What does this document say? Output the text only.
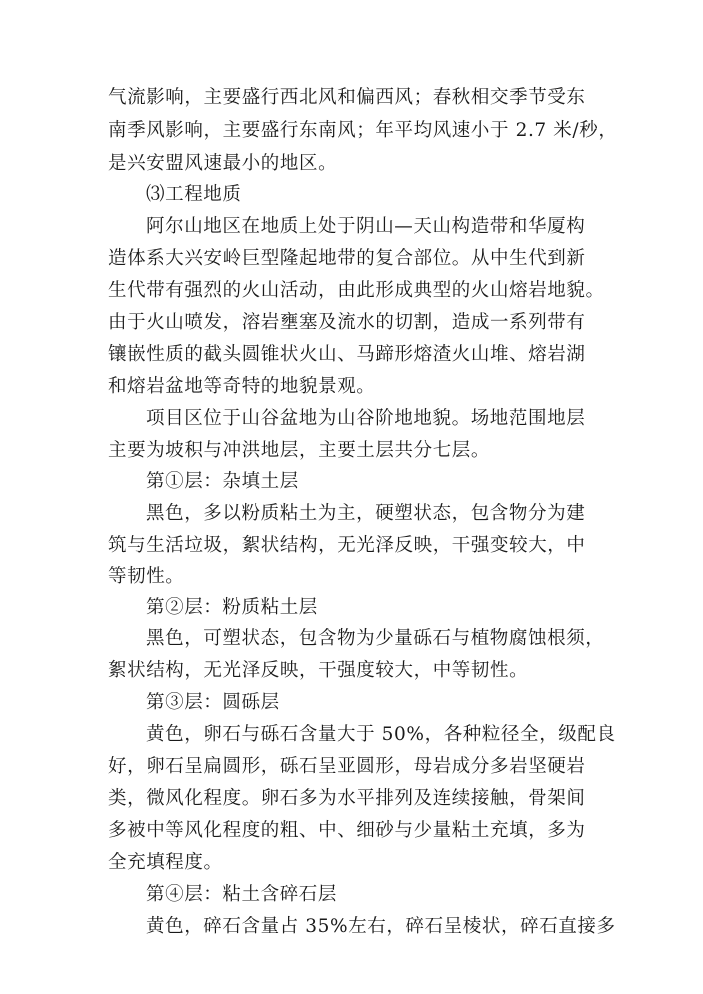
气流影响，主要盛行西北风和偏西风；春秋相交季节受东
南季风影响，主要盛行东南风；年平均风速小于 2.7 米/秒，
是兴安盟风速最小的地区。
⑶工程地质
阿尔山地区在地质上处于阴山—天山构造带和华厦构
造体系大兴安岭巨型隆起地带的复合部位。从中生代到新
生代带有强烈的火山活动，由此形成典型的火山熔岩地貌。
由于火山喷发，溶岩壅塞及流水的切割，造成一系列带有
镶嵌性质的截头圆锥状火山、马蹄形熔渣火山堆、熔岩湖
和熔岩盆地等奇特的地貌景观。
项目区位于山谷盆地为山谷阶地地貌。场地范围地层
主要为坡积与冲洪地层，主要土层共分七层。
第①层：杂填土层
黑色，多以粉质粘土为主，硬塑状态，包含物分为建
筑与生活垃圾，絮状结构，无光泽反映，干强变较大，中
等韧性。
第②层：粉质粘土层
黑色，可塑状态，包含物为少量砾石与植物腐蚀根须，
絮状结构，无光泽反映，干强度较大，中等韧性。
第③层：圆砾层
黄色，卵石与砾石含量大于 50%，各种粒径全，级配良
好，卵石呈扁圆形，砾石呈亚圆形，母岩成分多岩坚硬岩
类，微风化程度。卵石多为水平排列及连续接触，骨架间
多被中等风化程度的粗、中、细砂与少量粘土充填，多为
全充填程度。
第④层：粘土含碎石层
黄色，碎石含量占 35%左右，碎石呈棱状，碎石直接多
